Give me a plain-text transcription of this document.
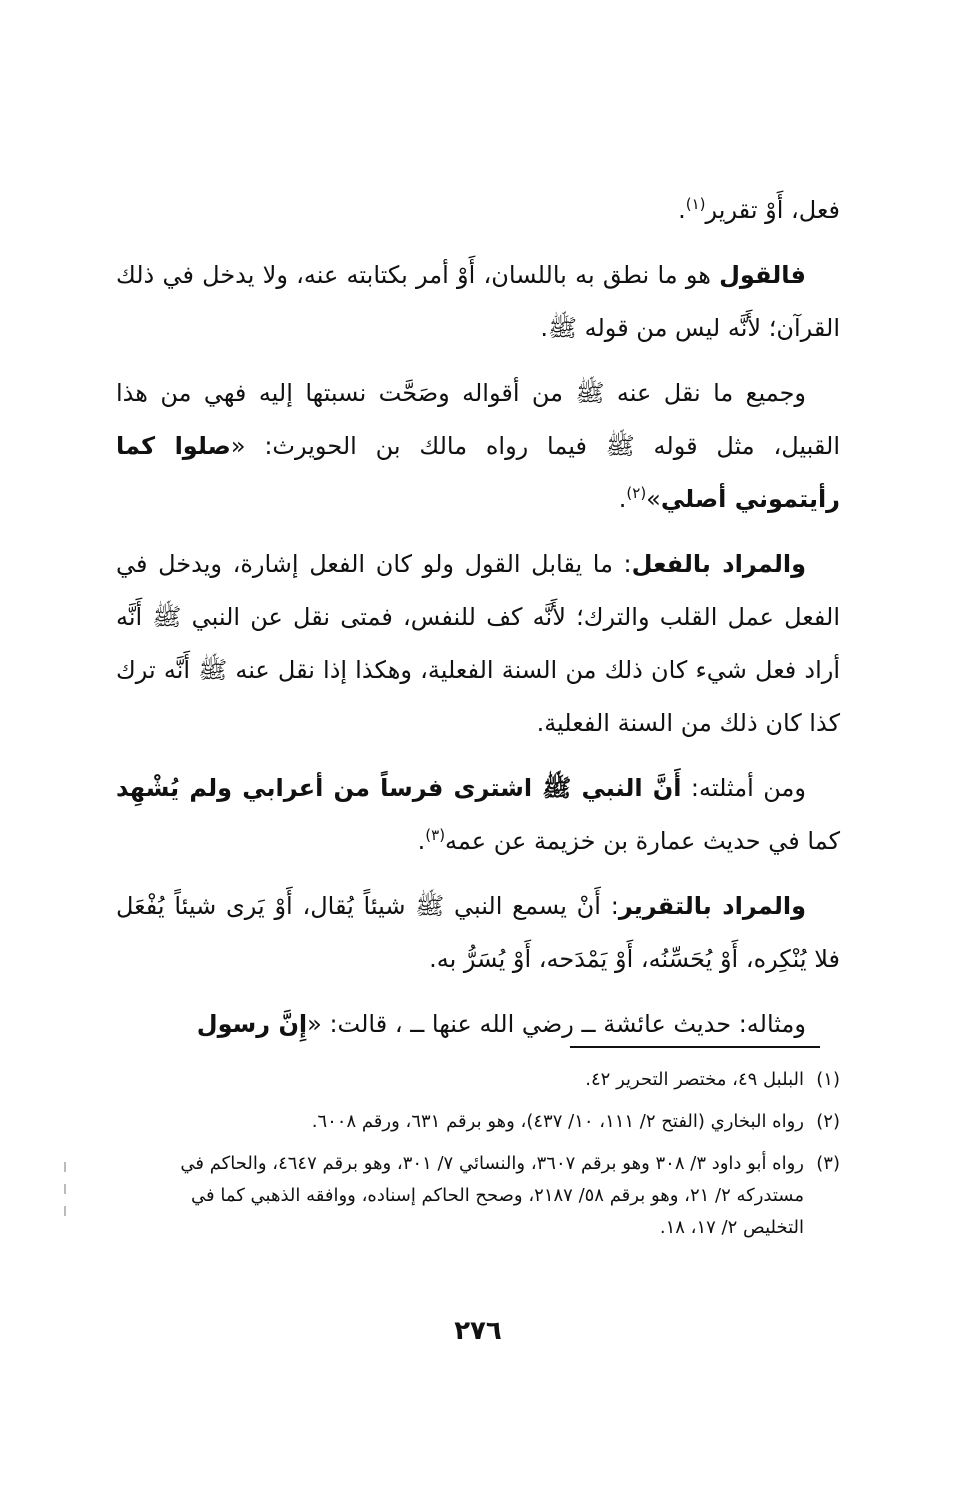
فعل، أَوْ تقرير$^{(١)}$.

فالقول هو ما نطق به باللسان، أَوْ أمر بكتابته عنه، ولا يدخل في ذلك القرآن؛ لأَنَّه ليس من قوله ﷺ.

وجميع ما نقل عنه ﷺ من أقواله وصَحَّت نسبتها إليه فهي من هذا القبيل، مثل قوله ﷺ فيما رواه مالك بن الحويرث: «صلوا كما رأيتموني أصلي»$^{(٢)}$.

والمراد بالفعل: ما يقابل القول ولو كان الفعل إشارة، ويدخل في الفعل عمل القلب والترك؛ لأَنَّه كف للنفس، فمتى نقل عن النبي ﷺ أَنَّه أراد فعل شيء كان ذلك من السنة الفعلية، وهكذا إذا نقل عنه ﷺ أَنَّه ترك كذا كان ذلك من السنة الفعلية.

ومن أمثلته: أَنَّ النبي ﷺ اشترى فرساً من أعرابي ولم يُشْهِد كما في حديث عمارة بن خزيمة عن عمه$^{(٣)}$.

والمراد بالتقرير: أَنْ يسمع النبي ﷺ شيئاً يُقال، أَوْ يَرى شيئاً يُفْعَل فلا يُنْكِره، أَوْ يُحَسِّنُه، أَوْ يَمْدَحه، أَوْ يُسَرُّ به.

ومثاله: حديث عائشة ــ رضي الله عنها ــ ، قالت: «إِنَّ رسول

(١)
البلبل ٤٩، مختصر التحرير ٤٢.
(٢)
رواه البخاري (الفتح ٢/ ١١١، ١٠/ ٤٣٧)، وهو برقم ٦٣١، ورقم ٦٠٠٨.
(٣)
رواه أبو داود ٣/ ٣٠٨ وهو برقم ٣٦٠٧، والنسائي ٧/ ٣٠١، وهو برقم ٤٦٤٧، والحاكم في مستدركه ٢/ ٢١، وهو برقم ٥٨/ ٢١٨٧، وصحح الحاكم إسناده، ووافقه الذهبي كما في التخليص ٢/ ١٧، ١٨.
٢٧٦
